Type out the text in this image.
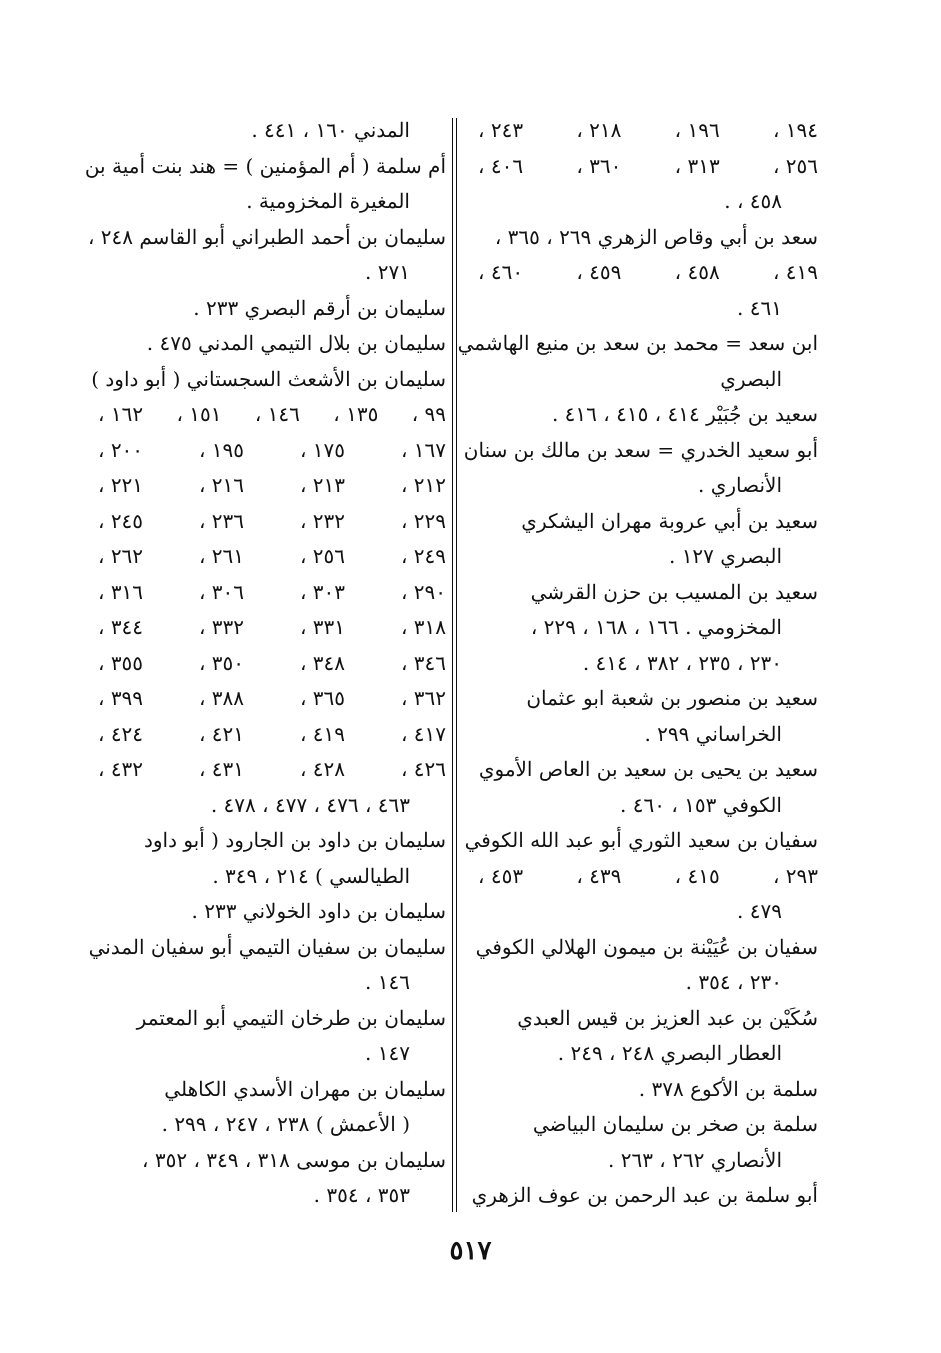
١٩٤ ،
١٩٦ ،
٢١٨ ،
٢٤٣ ،
٢٥٦ ،
٣١٣ ،
٣٦٠ ،
٤٠٦ ،
٤٥٨ ، .
سعد بن أبي وقاص الزهري ٢٦٩ ، ٣٦٥ ،
٤١٩ ،
٤٥٨ ،
٤٥٩ ،
٤٦٠ ،
٤٦١ .
ابن سعد = محمد بن سعد بن منيع الهاشمي
البصري
سعيد بن جُبَيْر ٤١٤ ، ٤١٥ ، ٤١٦ .
أبو سعيد الخدري = سعد بن مالك بن سنان
الأنصاري .
سعيد بن أبي عروبة مهران اليشكري
البصري ١٢٧ .
سعيد بن المسيب بن حزن القرشي
المخزومي . ١٦٦ ، ١٦٨ ، ٢٢٩ ،
٢٣٠ ، ٢٣٥ ، ٣٨٢ ، ٤١٤ .
سعيد بن منصور بن شعبة ابو عثمان
الخراساني ٢٩٩ .
سعيد بن يحيى بن سعيد بن العاص الأموي
الكوفي ١٥٣ ، ٤٦٠ .
سفيان بن سعيد الثوري أبو عبد الله الكوفي
٢٩٣ ،
٤١٥ ،
٤٣٩ ،
٤٥٣ ،
٤٧٩ .
سفيان بن عُيَيْنة بن ميمون الهلالي الكوفي
٢٣٠ ، ٣٥٤ .
سُكَيْن بن عبد العزيز بن قيس العبدي
العطار البصري ٢٤٨ ، ٢٤٩ .
سلمة بن الأكوع ٣٧٨ .
سلمة بن صخر بن سليمان البياضي
الأنصاري ٢٦٢ ، ٢٦٣ .
أبو سلمة بن عبد الرحمن بن عوف الزهري
المدني ١٦٠ ، ٤٤١ .
أم سلمة ( أم المؤمنين ) = هند بنت أمية بن
المغيرة المخزومية .
سليمان بن أحمد الطبراني أبو القاسم ٢٤٨ ،
٢٧١ .
سليمان بن أرقم البصري ٢٣٣ .
سليمان بن بلال التيمي المدني ٤٧٥ .
سليمان بن الأشعث السجستاني ( أبو داود )
٩٩ ،
١٣٥ ،
١٤٦ ،
١٥١ ،
١٦٢ ،
١٦٧ ،
١٧٥ ،
١٩٥ ،
٢٠٠ ،
٢١٢ ،
٢١٣ ،
٢١٦ ،
٢٢١ ،
٢٢٩ ،
٢٣٢ ،
٢٣٦ ،
٢٤٥ ،
٢٤٩ ،
٢٥٦ ،
٢٦١ ،
٢٦٢ ،
٢٩٠ ،
٣٠٣ ،
٣٠٦ ،
٣١٦ ،
٣١٨ ،
٣٣١ ،
٣٣٢ ،
٣٤٤ ،
٣٤٦ ،
٣٤٨ ،
٣٥٠ ،
٣٥٥ ،
٣٦٢ ،
٣٦٥ ،
٣٨٨ ،
٣٩٩ ،
٤١٧ ،
٤١٩ ،
٤٢١ ،
٤٢٤ ،
٤٢٦ ،
٤٢٨ ،
٤٣١ ،
٤٣٢ ،
٤٦٣ ، ٤٧٦ ، ٤٧٧ ، ٤٧٨ .
سليمان بن داود بن الجارود ( أبو داود
الطيالسي ) ٢١٤ ، ٣٤٩ .
سليمان بن داود الخولاني ٢٣٣ .
سليمان بن سفيان التيمي أبو سفيان المدني
١٤٦ .
سليمان بن طرخان التيمي أبو المعتمر
١٤٧ .
سليمان بن مهران الأسدي الكاهلي
( الأعمش ) ٢٣٨ ، ٢٤٧ ، ٢٩٩ .
سليمان بن موسى ٣١٨ ، ٣٤٩ ، ٣٥٢ ،
٣٥٣ ، ٣٥٤ .
٥١٧
